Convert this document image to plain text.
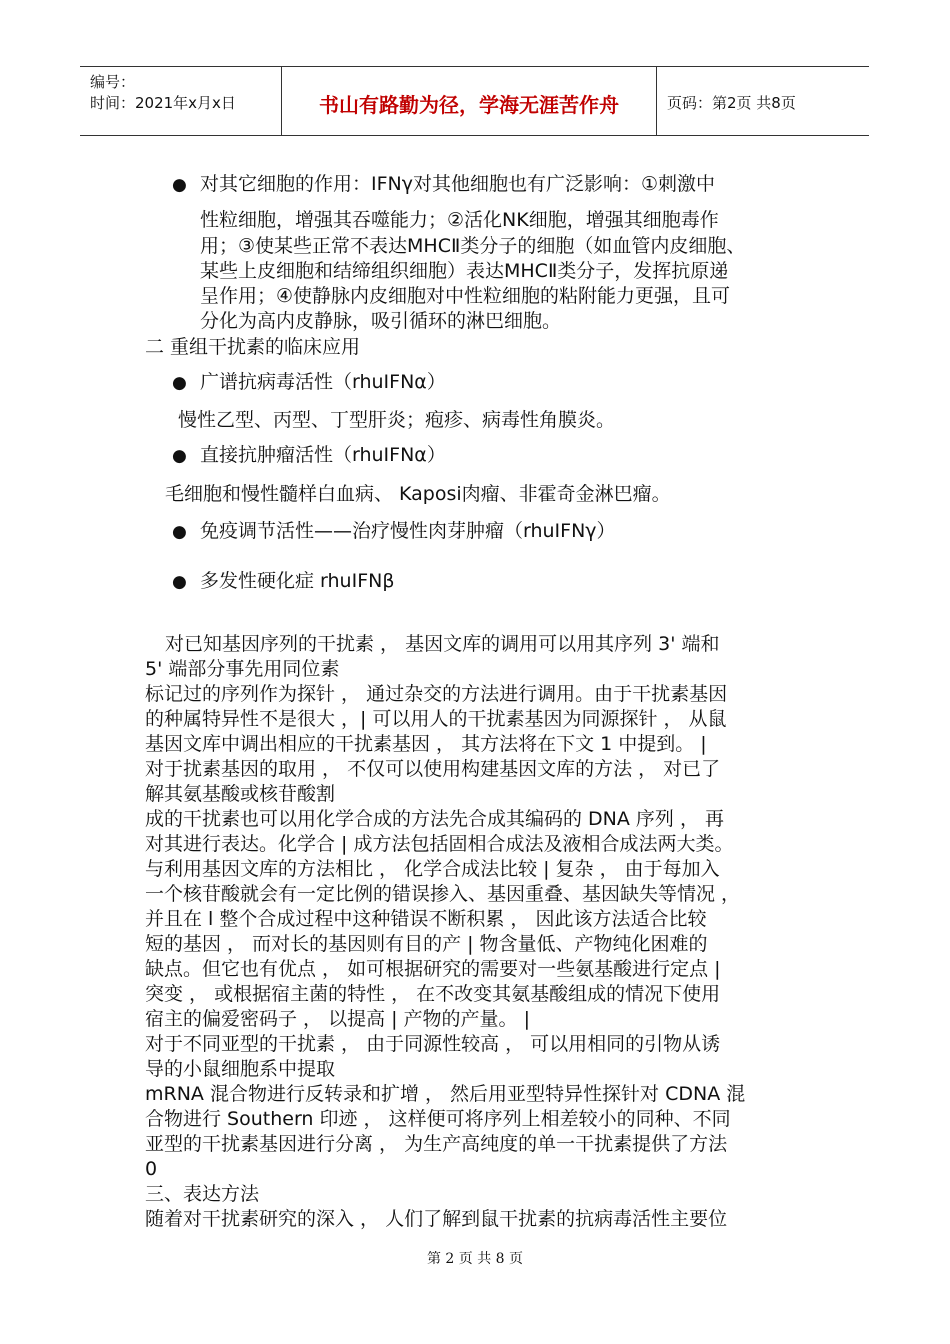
编号：
时间：2021年x月x日	书山有路勤为径，学海无涯苦作舟	页码：第2页 共8页
● 对其它细胞的作用：IFNγ对其他细胞也有广泛影响：①刺激中
性粒细胞，增强其吞噬能力；②活化NK细胞，增强其细胞毒作
用；③使某些正常不表达MHCⅡ类分子的细胞（如血管内皮细胞、
某些上皮细胞和结缔组织细胞）表达MHCⅡ类分子，发挥抗原递
呈作用；④使静脉内皮细胞对中性粒细胞的粘附能力更强，且可
分化为高内皮静脉，吸引循环的淋巴细胞。
二 重组干扰素的临床应用
● 广谱抗病毒活性（rhuIFNα）
慢性乙型、丙型、丁型肝炎；疱疹、病毒性角膜炎。
● 直接抗肿瘤活性（rhuIFNα）
毛细胞和慢性髓样白血病、 Kaposi肉瘤、非霍奇金淋巴瘤。
● 免疫调节活性——治疗慢性肉芽肿瘤（rhuIFNγ）
● 多发性硬化症 rhuIFNβ
对已知基因序列的干扰素 ， 基因文库的调用可以用其序列 3' 端和
5' 端部分事先用同位素
标记过的序列作为探针 ， 通过杂交的方法进行调用。由于干扰素基因
的种属特异性不是很大 ，| 可以用人的干扰素基因为同源探针 ， 从鼠
基因文库中调出相应的干扰素基因 ， 其方法将在下文 1 中提到。 |
对于扰素基因的取用 ， 不仅可以使用构建基因文库的方法 ， 对已了
解其氨基酸或核苷酸割
成的干扰素也可以用化学合成的方法先合成其编码的 DNA 序列 ， 再
对其进行表达。化学合 | 成方法包括固相合成法及液相合成法两大类。
与利用基因文库的方法相比 ， 化学合成法比较 | 复杂 ， 由于每加入
一个核苷酸就会有一定比例的错误掺入、基因重叠、基因缺失等情况 ，
并且在 l 整个合成过程中这种错误不断积累 ， 因此该方法适合比较
短的基因 ， 而对长的基因则有目的产 | 物含量低、产物纯化困难的
缺点。但它也有优点 ， 如可根据研究的需要对一些氨基酸进行定点 |
突变 ， 或根据宿主菌的特性 ， 在不改变其氨基酸组成的情况下使用
宿主的偏爱密码子 ， 以提高 | 产物的产量。 |
对于不同亚型的干扰素 ， 由于同源性较高 ， 可以用相同的引物从诱
导的小鼠细胞系中提取
mRNA 混合物进行反转录和扩增 ， 然后用亚型特异性探针对 CDNA 混
合物进行 Southern 印迹 ， 这样便可将序列上相差较小的同种、不同
亚型的干扰素基因进行分离 ， 为生产高纯度的单一干扰素提供了方法
0
三、表达方法
随着对干扰素研究的深入 ， 人们了解到鼠干扰素的抗病毒活性主要位
第 2 页 共 8 页
